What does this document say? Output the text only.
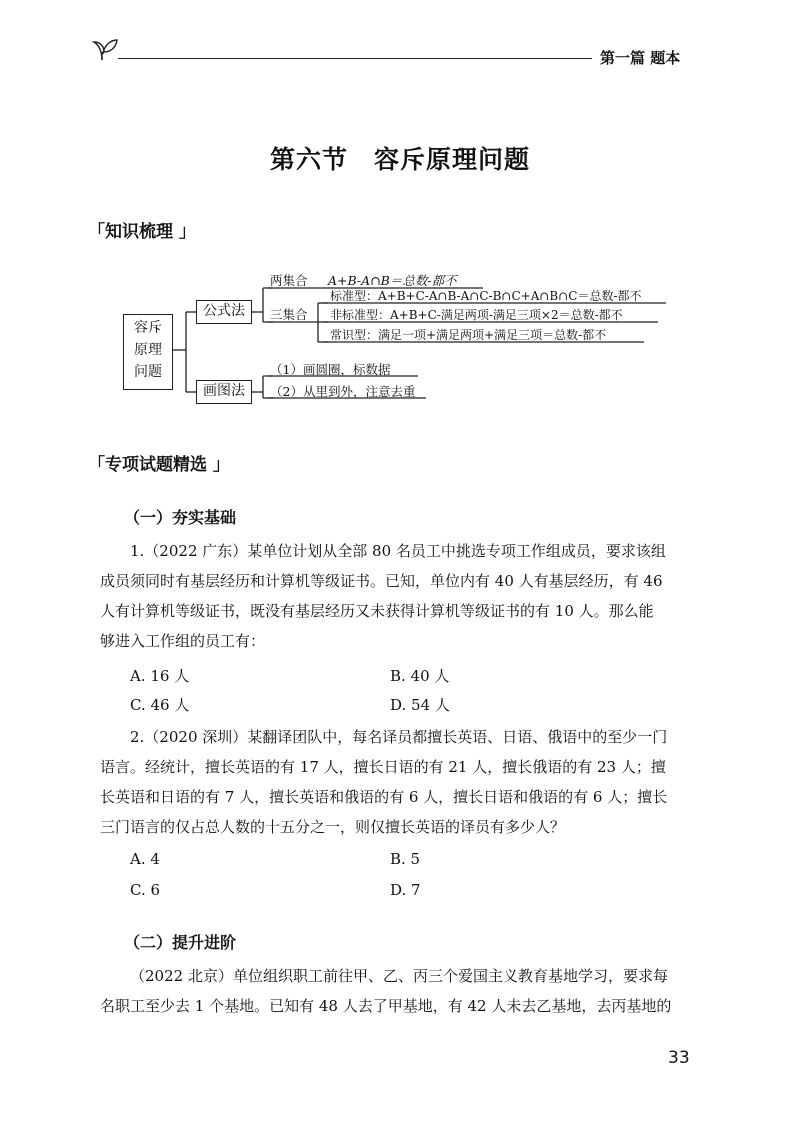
第一篇 题本
第六节　容斥原理问题
「知识梳理 」
容斥
原理
问题
公式法
画图法
两集合 A+B-A∩B＝总数-都不
三集合
标准型：A+B+C-A∩B-A∩C-B∩C+A∩B∩C＝总数-都不
非标准型：A+B+C-满足两项-满足三项×2＝总数-都不
常识型：满足一项+满足两项+满足三项＝总数-都不
（1）画圆圈，标数据
（2）从里到外，注意去重
「专项试题精选 」
（一）夯实基础
1.（2022 广东）某单位计划从全部 80 名员工中挑选专项工作组成员，要求该组
成员须同时有基层经历和计算机等级证书。已知，单位内有 40 人有基层经历，有 46
人有计算机等级证书，既没有基层经历又未获得计算机等级证书的有 10 人。那么能
够进入工作组的员工有：
A. 16 人	B. 40 人
C. 46 人	D. 54 人
2.（2020 深圳）某翻译团队中，每名译员都擅长英语、日语、俄语中的至少一门
语言。经统计，擅长英语的有 17 人，擅长日语的有 21 人，擅长俄语的有 23 人；擅
长英语和日语的有 7 人，擅长英语和俄语的有 6 人，擅长日语和俄语的有 6 人；擅长
三门语言的仅占总人数的十五分之一，则仅擅长英语的译员有多少人？
A. 4	B. 5
C. 6	D. 7
（二）提升进阶
（2022 北京）单位组织职工前往甲、乙、丙三个爱国主义教育基地学习，要求每
名职工至少去 1 个基地。已知有 48 人去了甲基地，有 42 人未去乙基地，去丙基地的
33
